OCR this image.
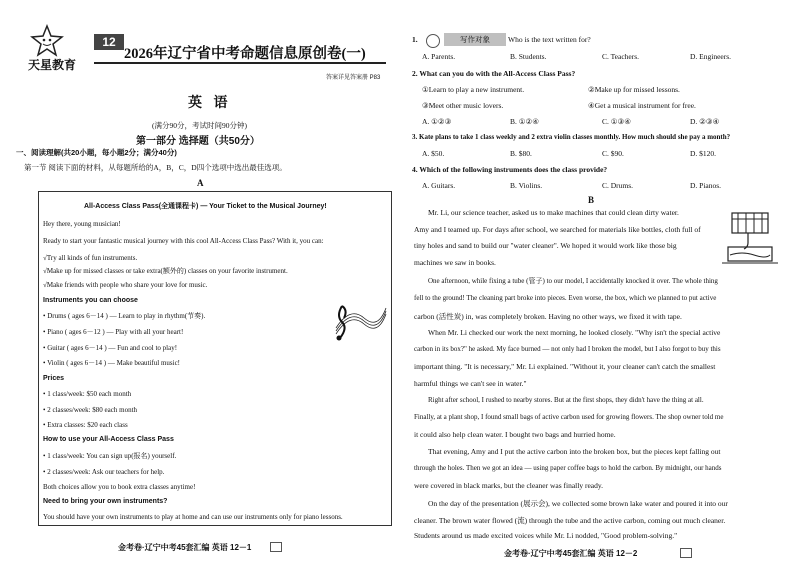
天星教育
12
2026年辽宁省中考命题信息原创卷(一)
答案详见答案册 P83
英 语
(满分90分，考试时间90分钟)
第一部分 选择题（共50分）
一、阅读理解(共20小题，每小题2分；满分40分)
第一节 阅读下面的材料，从每题所给的A，B，C，D四个选项中选出最佳选项。
A
All-Access Class Pass(全通课程卡) — Your Ticket to the Musical Journey!
Hey there, young musician!
Ready to start your fantastic musical journey with this cool All-Access Class Pass? With it, you can:
√Try all kinds of fun instruments.
√Make up for missed classes or take extra(额外的) classes on your favorite instrument.
√Make friends with people who share your love for music.
Instruments you can choose
• Drums ( ages 6－14 ) — Learn to play in rhythm(节奏).
• Piano ( ages 6－12 ) — Play with all your heart!
• Guitar ( ages 6－14 ) — Fun and cool to play!
• Violin ( ages 6－14 ) — Make beautiful music!
Prices
• 1 class/week: $50 each month
• 2 classes/week: $80 each month
• Extra classes: $20 each class
How to use your All-Access Class Pass
• 1 class/week: You can sign up(报名) yourself.
• 2 classes/week: Ask our teachers for help.
Both choices allow you to book extra classes anytime!
Need to bring your own instruments?
You should have your own instruments to play at home and can use our instruments only for piano lessons.
金考卷·辽宁中考45套汇编 英语 12－1
1.	写作对象	Who is the text written for?
A. Parents.	B. Students.	C. Teachers.	D. Engineers.
2. What can you do with the All-Access Class Pass?
①Learn to play a new instrument.	②Make up for missed lessons.
③Meet other music lovers.	④Get a musical instrument for free.
A. ①②③	B. ①②④	C. ①③④	D. ②③④
3. Kate plans to take 1 class weekly and 2 extra violin classes monthly. How much should she pay a month?
A. $50.	B. $80.	C. $90.	D. $120.
4. Which of the following instruments does the class provide?
A. Guitars.	B. Violins.	C. Drums.	D. Pianos.
B
Mr. Li, our science teacher, asked us to make machines that could clean dirty water.
Amy and I teamed up. For days after school, we searched for materials like bottles, cloth full of
tiny holes and sand to build our "water cleaner". We hoped it would work like those big
machines we saw in books.
One afternoon, while fixing a tube (管子) to our model, I accidentally knocked it over. The whole thing
fell to the ground! The cleaning part broke into pieces. Even worse, the box, which we planned to put active
carbon (活性炭) in, was completely broken. Having no other ways, we fixed it with tape.
When Mr. Li checked our work the next morning, he looked closely. "Why isn't the special active
carbon in its box?" he asked. My face burned — not only had I broken the model, but I also forgot to buy this
important thing. "It is necessary," Mr. Li explained. "Without it, your cleaner can't catch the smallest
harmful things we can't see in water."
Right after school, I rushed to nearby stores. But at the first shops, they didn't have the thing at all.
Finally, at a plant shop, I found small bags of active carbon used for growing flowers. The shop owner told me
it could also help clean water. I bought two bags and hurried home.
That evening, Amy and I put the active carbon into the broken box, but the pieces kept falling out
through the holes. Then we got an idea — using paper coffee bags to hold the carbon. By midnight, our hands
were covered in black marks, but the cleaner was finally ready.
On the day of the presentation (展示会), we collected some brown lake water and poured it into our
cleaner. The brown water flowed (流) through the tube and the active carbon, coming out much cleaner.
Students around us made excited voices while Mr. Li nodded, "Good problem-solving."
金考卷·辽宁中考45套汇编 英语 12－2
